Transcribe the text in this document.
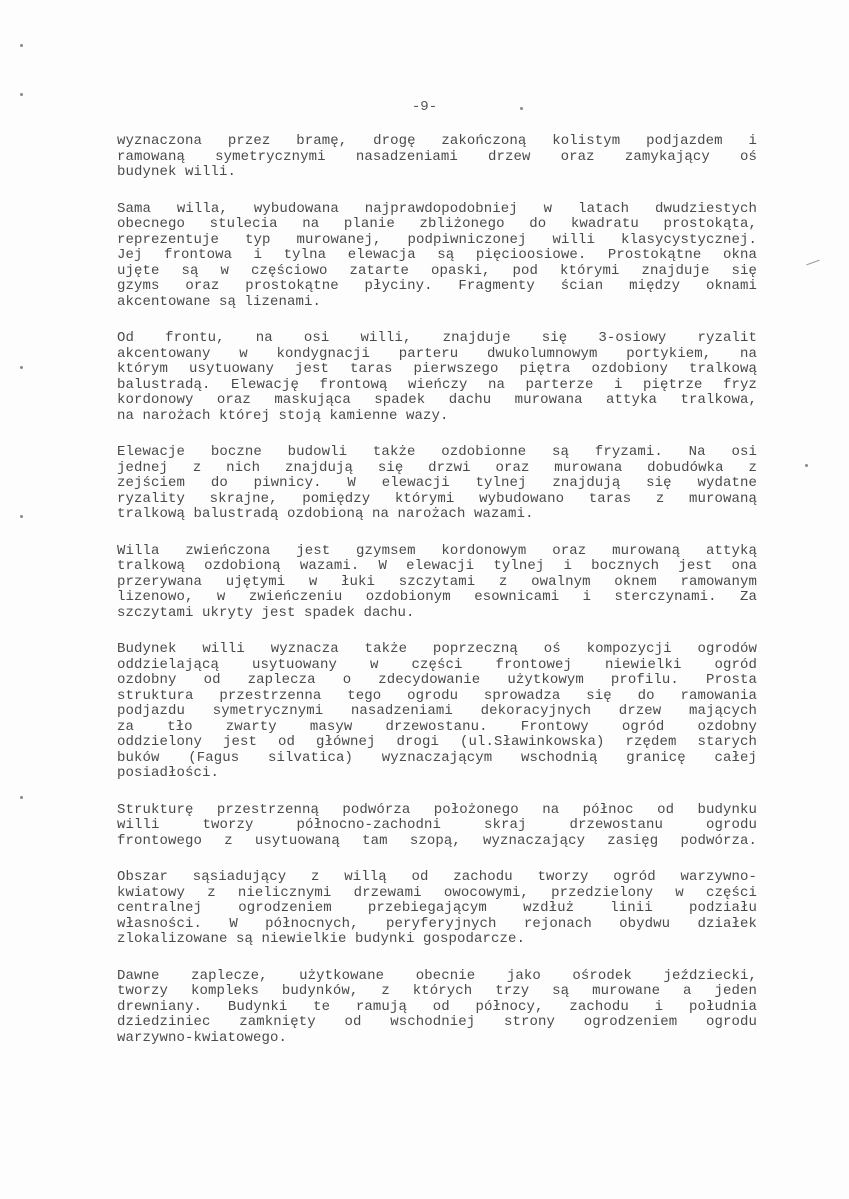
-9-
wyznaczona przez bramę, drogę zakończoną kolistym podjazdem i
ramowaną symetrycznymi nasadzeniami drzew oraz zamykający oś
budynek willi.
Sama willa, wybudowana najprawdopodobniej w latach dwudziestych
obecnego stulecia na planie zbliżonego do kwadratu prostokąta,
reprezentuje typ murowanej, podpiwniczonej willi klasycystycznej.
Jej frontowa i tylna elewacja są pięcioosiowe. Prostokątne okna
ujęte są w częściowo zatarte opaski, pod którymi znajduje się
gzyms oraz prostokątne płyciny. Fragmenty ścian między oknami
akcentowane są lizenami.
Od frontu, na osi willi, znajduje się 3-osiowy ryzalit
akcentowany w kondygnacji parteru dwukolumnowym portykiem, na
którym usytuowany jest taras pierwszego piętra ozdobiony tralkową
balustradą. Elewację frontową wieńczy na parterze i piętrze fryz
kordonowy oraz maskująca spadek dachu murowana attyka tralkowa,
na narożach której stoją kamienne wazy.
Elewacje boczne budowli także ozdobionne są fryzami. Na osi
jednej z nich znajdują się drzwi oraz murowana dobudówka z
zejściem do piwnicy. W elewacji tylnej znajdują się wydatne
ryzality skrajne, pomiędzy którymi wybudowano taras z murowaną
tralkową balustradą ozdobioną na narożach wazami.
Willa zwieńczona jest gzymsem kordonowym oraz murowaną attyką
tralkową ozdobioną wazami. W elewacji tylnej i bocznych jest ona
przerywana ujętymi w łuki szczytami z owalnym oknem ramowanym
lizenowo, w zwieńczeniu ozdobionym esownicami i sterczynami. Za
szczytami ukryty jest spadek dachu.
Budynek willi wyznacza także poprzeczną oś kompozycji ogrodów
oddzielającą usytuowany w części frontowej niewielki ogród
ozdobny od zaplecza o zdecydowanie użytkowym profilu. Prosta
struktura przestrzenna tego ogrodu sprowadza się do ramowania
podjazdu symetrycznymi nasadzeniami dekoracyjnych drzew mających
za tło zwarty masyw drzewostanu. Frontowy ogród ozdobny
oddzielony jest od głównej drogi (ul.Sławinkowska) rzędem starych
buków (Fagus silvatica) wyznaczającym wschodnią granicę całej
posiadłości.
Strukturę przestrzenną podwórza położonego na północ od budynku
willi tworzy północno-zachodni skraj drzewostanu ogrodu
frontowego z usytuowaną tam szopą, wyznaczający zasięg podwórza.
Obszar sąsiadujący z willą od zachodu tworzy ogród warzywno-
kwiatowy z nielicznymi drzewami owocowymi, przedzielony w części
centralnej ogrodzeniem przebiegającym wzdłuż linii podziału
własności. W północnych, peryferyjnych rejonach obydwu działek
zlokalizowane są niewielkie budynki gospodarcze.
Dawne zaplecze, użytkowane obecnie jako ośrodek jeździecki,
tworzy kompleks budynków, z których trzy są murowane a jeden
drewniany. Budynki te ramują od północy, zachodu i południa
dziedziniec zamknięty od wschodniej strony ogrodzeniem ogrodu
warzywno-kwiatowego.
